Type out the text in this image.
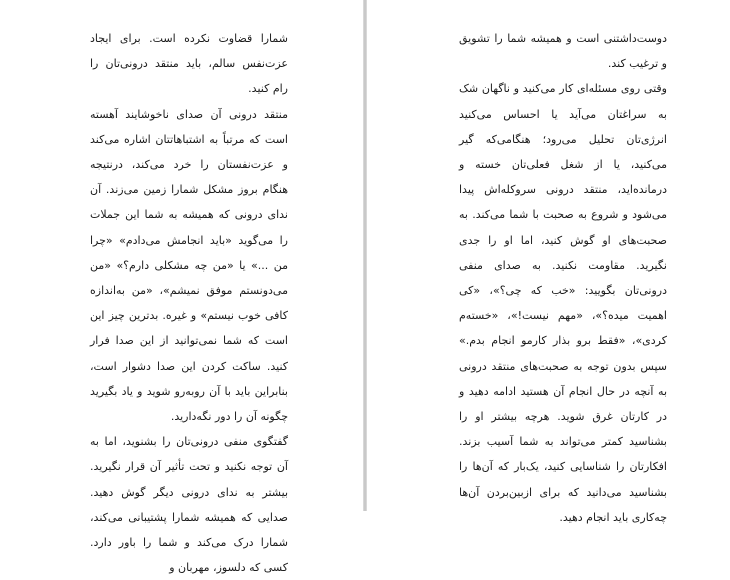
شمارا قضاوت نکرده است. برای ایجاد عزت‌نفس سالم، باید منتقد درونی‌تان را رام کنید.

منتقد درونی آن صدای ناخوشایند آهسته است که مرتباً به اشتباهاتتان اشاره می‌کند و عزت‌نفستان را خرد می‌کند، درنتیجه هنگام بروز مشکل شمارا زمین می‌زند. آن ندای درونی که همیشه به شما این جملات را می‌گوید «باید انجامش می‌دادم» «چرا من ...» یا «من چه مشکلی دارم؟» «من می‌دونستم موفق نمیشم»، «من به‌اندازه کافی خوب نیستم» و غیره. بدترین چیز این است که شما نمی‌توانید از این صدا فرار کنید. ساکت کردن این صدا دشوار است، بنابراین باید با آن روبه‌رو شوید و یاد بگیرید چگونه آن را دور نگه‌دارید.

گفتگوی منفی درونی‌تان را بشنوید، اما به آن توجه نکنید و تحت تأثیر آن قرار نگیرید. بیشتر به ندای درونی دیگر گوش دهید. صدایی که همیشه شمارا پشتیبانی می‌کند، شمارا درک می‌کند و شما را باور دارد. کسی که دلسوز، مهربان و

دوست‌داشتنی است و همیشه شما را تشویق و ترغیب کند.

وقتی روی مسئله‌ای کار می‌کنید و ناگهان شک به سراغتان می‌آید یا احساس می‌کنید انرژی‌تان تحلیل می‌رود؛ هنگامی‌که گیر می‌کنید، یا از شغل فعلی‌تان خسته و درمانده‌اید، منتقد درونی سروکله‌اش پیدا می‌شود و شروع به صحبت با شما می‌کند. به صحبت‌های او گوش کنید، اما او را جدی نگیرید. مقاومت نکنید. به صدای منفی درونی‌تان بگویید: «خب که چی؟»، «کی اهمیت میده؟»، «مهم نیست!»، «خسته‌م کردی»، «فقط برو بذار کارمو انجام بدم.» سپس بدون توجه به صحبت‌های منتقد درونی به آنچه در حال انجام آن هستید ادامه دهید و در کارتان غرق شوید. هرچه بیشتر او را بشناسید کمتر می‌تواند به شما آسیب بزند. افکارتان را شناسایی کنید، یک‌بار که آن‌ها را بشناسید می‌دانید که برای ازبین‌بردن آن‌ها چه‌کاری باید انجام دهید.
